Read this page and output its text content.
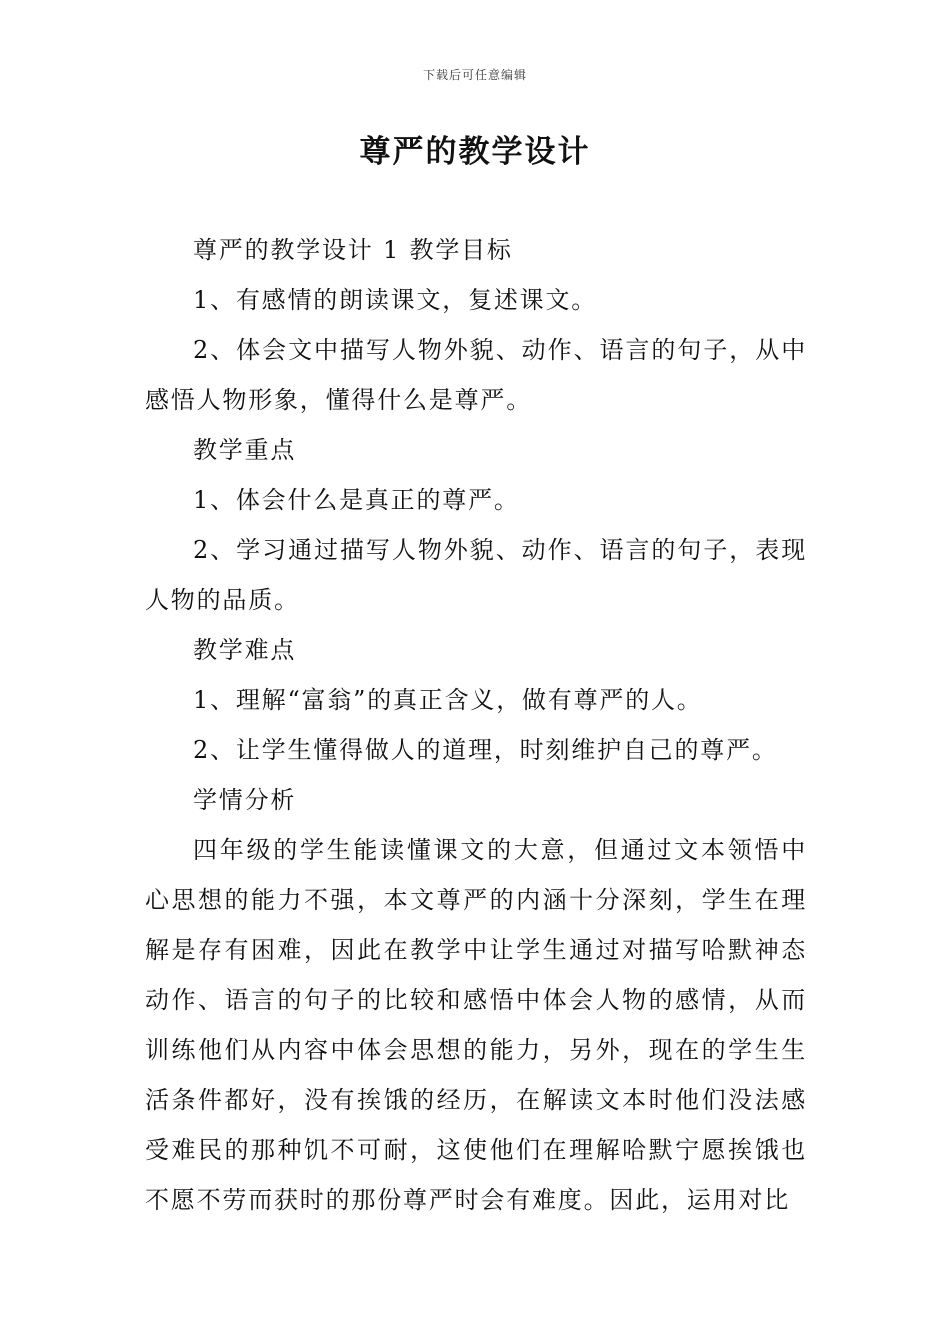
下载后可任意编辑
尊严的教学设计

尊严的教学设计 1 教学目标

1、有感情的朗读课文，复述课文。

2、体会文中描写人物外貌、动作、语言的句子，从中感悟人物形象，懂得什么是尊严。

教学重点

1、体会什么是真正的尊严。

2、学习通过描写人物外貌、动作、语言的句子，表现人物的品质。

教学难点

1、理解“富翁”的真正含义，做有尊严的人。

2、让学生懂得做人的道理，时刻维护自己的尊严。

学情分析

四年级的学生能读懂课文的大意，但通过文本领悟中心思想的能力不强，本文尊严的内涵十分深刻，学生在理解是存有困难，因此在教学中让学生通过对描写哈默神态动作、语言的句子的比较和感悟中体会人物的感情，从而训练他们从内容中体会思想的能力，另外，现在的学生生活条件都好，没有挨饿的经历，在解读文本时他们没法感受难民的那种饥不可耐，这使他们在理解哈默宁愿挨饿也不愿不劳而获时的那份尊严时会有难度。因此，运用对比
